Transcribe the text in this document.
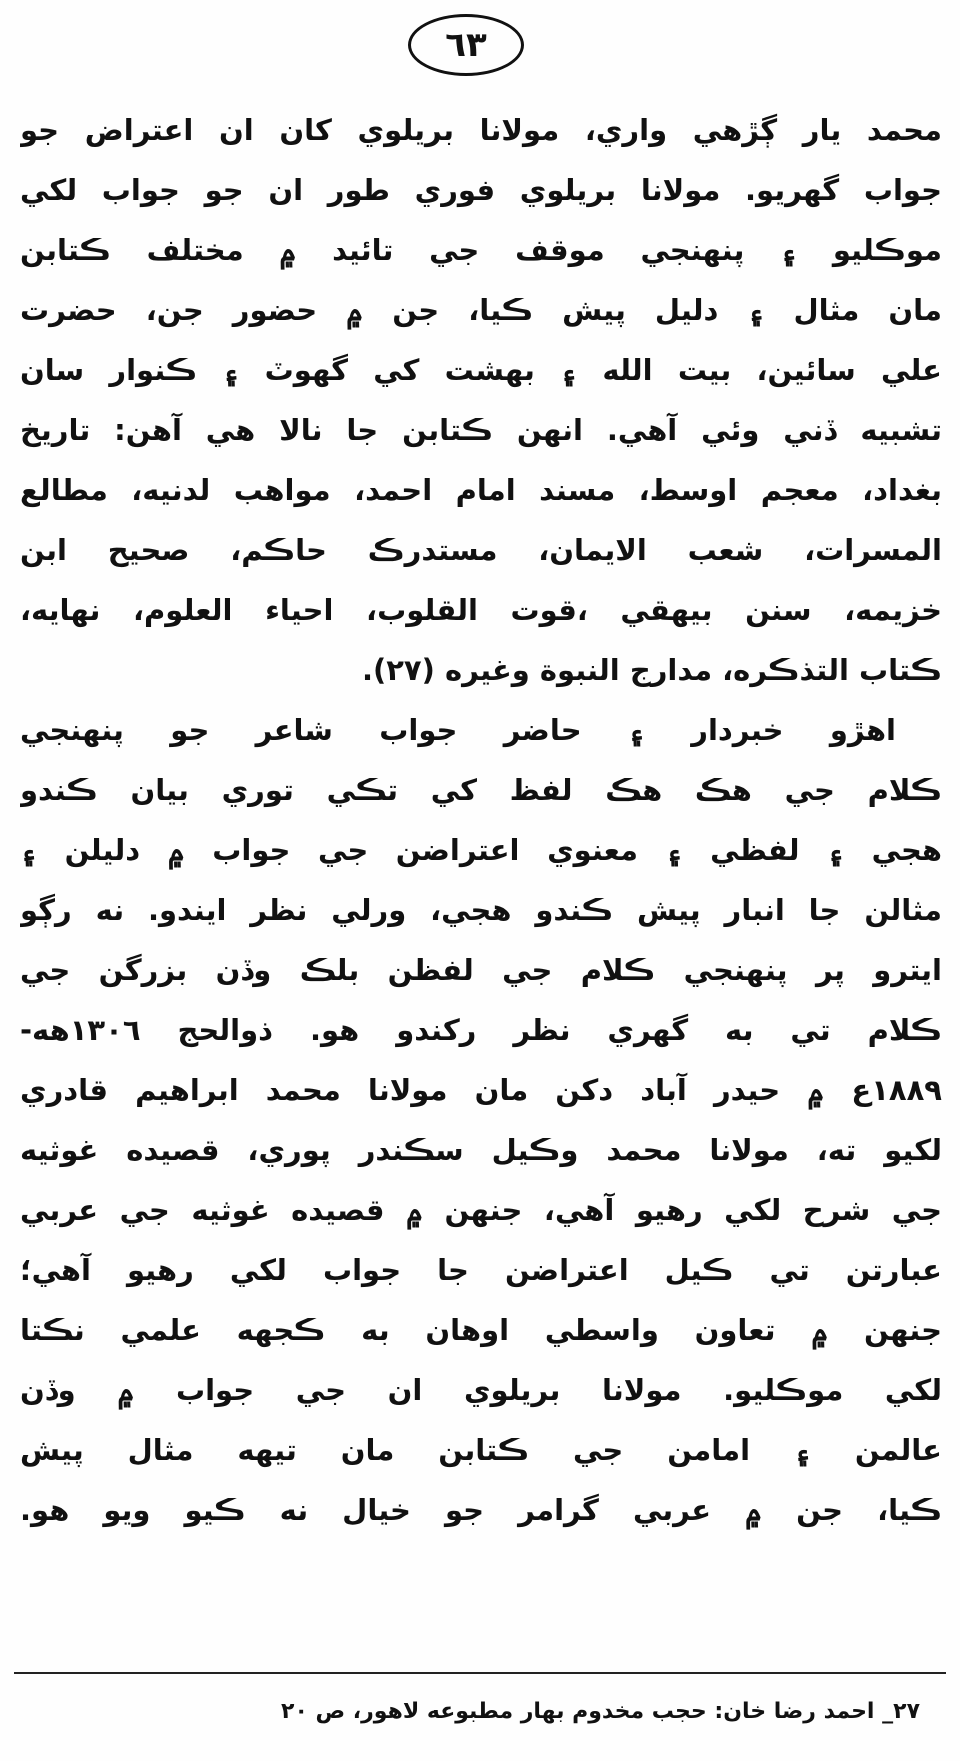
٦٣
محمد يار ڳڙهي واري، مولانا بريلوي کان ان اعتراض جو
جواب گهريو. مولانا بريلوي فوري طور ان جو جواب لکي
موڪليو ۽ پنهنجي موقف جي تائيد ۾ مختلف ڪتابن
مان مثال ۽ دليل پيش ڪيا، جن ۾ حضور جن، حضرت
علي سائين، بيت الله ۽ بهشت کي گهوٽ ۽ ڪنوار سان
تشبيه ڏني وئي آهي. انهن ڪتابن جا نالا هي آهن: تاريخ
بغداد، معجم اوسط، مسند امام احمد، مواهب لدنيه، مطالع
المسرات، شعب الايمان، مستدرڪ حاڪم، صحيح ابن
خزيمه، سنن بيهقي ،قوت القلوب، احياء العلوم، نهايه،
ڪتاب التذڪره، مدارج النبوة وغيره (٢٧).
اهڙو خبردار ۽ حاضر جواب شاعر جو پنهنجي
ڪلام جي هڪ هڪ لفظ کي تڪي توري بيان ڪندو
هجي ۽ لفظي ۽ معنوي اعتراضن جي جواب ۾ دليلن ۽
مثالن جا انبار پيش ڪندو هجي، ورلي نظر ايندو. نه رڳو
ايترو پر پنهنجي ڪلام جي لفظن بلڪ وڏن بزرگن جي
ڪلام تي به گهري نظر رکندو هو. ذوالحج ١٣٠٦هه-
١٨٨٩ع ۾ حيدر آباد دکن مان مولانا محمد ابراهيم قادري
لکيو ته، مولانا محمد وڪيل سڪندر پوري، قصيده غوثيه
جي شرح لکي رهيو آهي، جنهن ۾ قصيده غوثيه جي عربي
عبارتن تي ڪيل اعتراضن جا جواب لکي رهيو آهي؛
جنهن ۾ تعاون واسطي اوهان به ڪجهه علمي نڪتا
لکي موڪليو. مولانا بريلوي ان جي جواب ۾ وڏن
عالمن ۽ امامن جي ڪتابن مان تيهه مثال پيش
ڪيا، جن ۾ عربي گرامر جو خيال نه ڪيو ويو هو.
٢٧_ احمد رضا خان: حجب مخدوم بهار مطبوعه لاهور، ص ٢٠
